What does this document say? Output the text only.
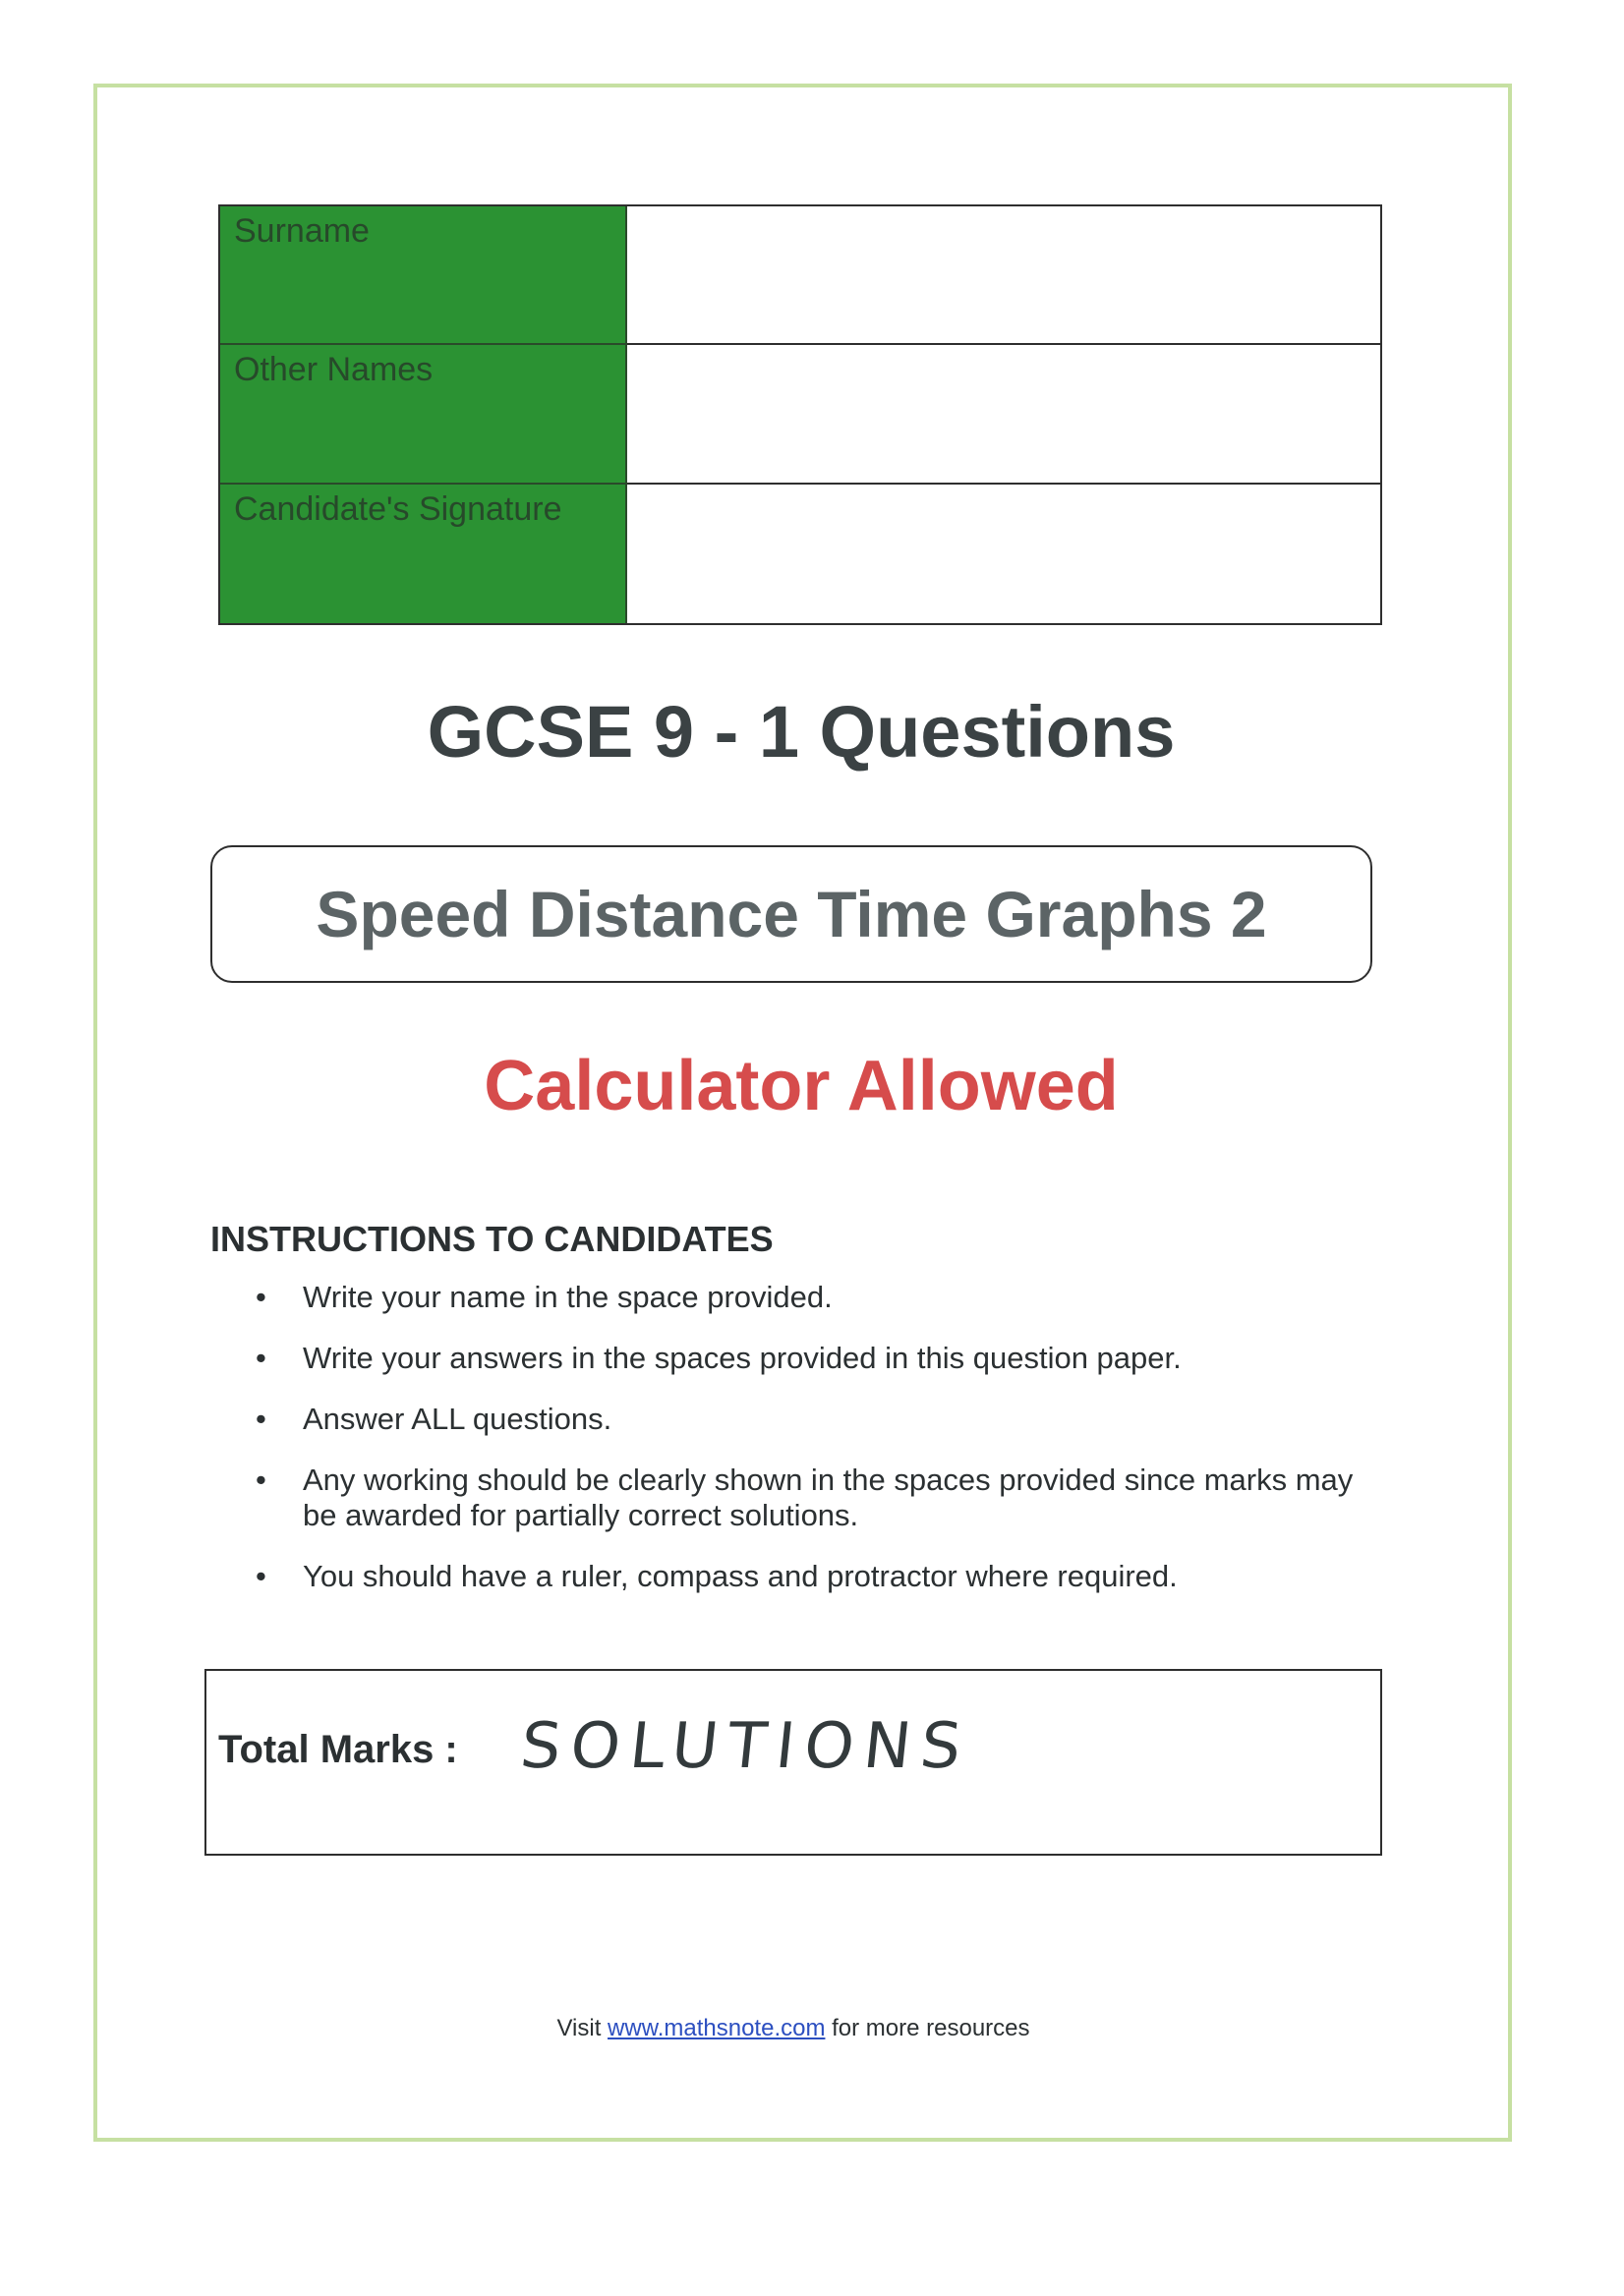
Surname
Other Names
Candidate's Signature
GCSE 9 - 1 Questions
Speed Distance Time Graphs 2
Calculator Allowed
INSTRUCTIONS TO CANDIDATES
• Write your name in the space provided.
• Write your answers in the spaces provided in this question paper.
• Answer ALL questions.
• Any working should be clearly shown in the spaces provided since marks may be awarded for partially correct solutions.
• You should have a ruler, compass and protractor where required.
Total Marks : SOLUTIONS
Visit www.mathsnote.com for more resources
